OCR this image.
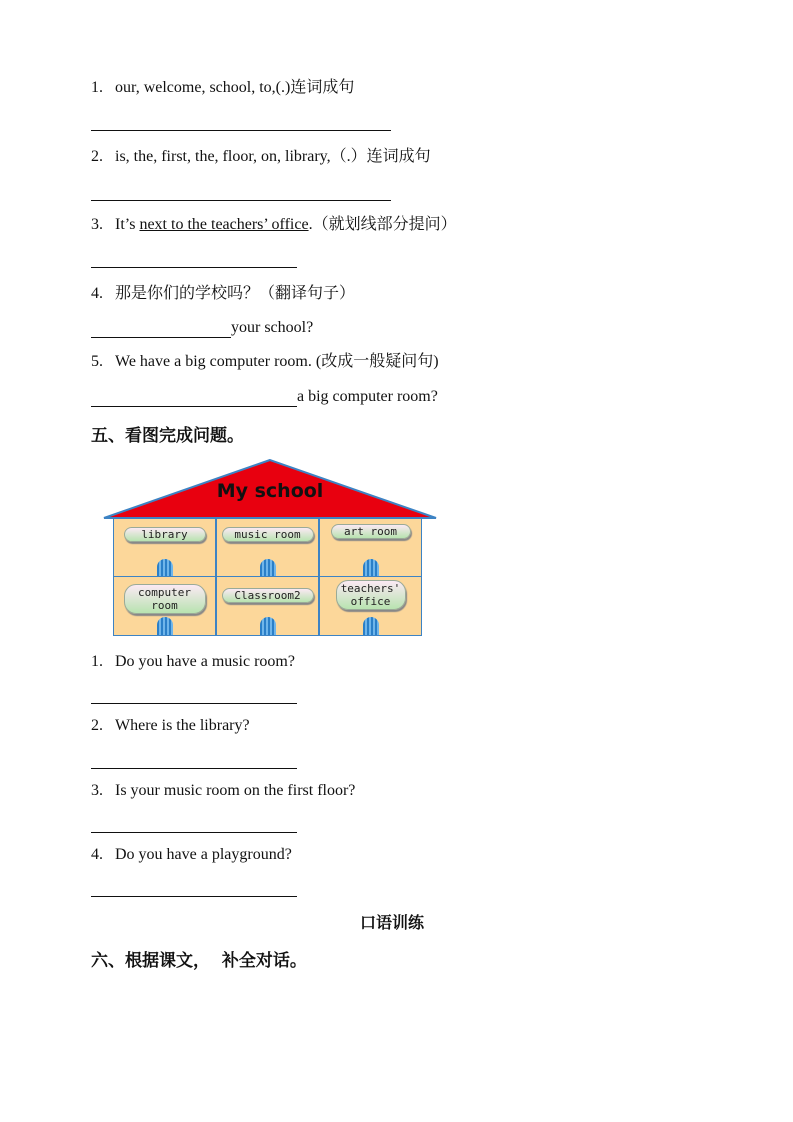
1. our, welcome, school, to,(.)连词成句
2. is, the, first, the, floor, on, library,（.）连词成句
3. It’s next to the teachers’ office.（就划线部分提问）
4. 那是你们的学校吗？（翻译句子）
your school?
5. We have a big computer room. (改成一般疑问句)
a big computer room?
五、看图完成问题。
My school
library	music room	art room
computer room
Classroom2
teachers' office
1. Do you have a music room?
2. Where is the library?
3. Is your music room on the first floor?
4. Do you have a playground?
口语训练
六、根据课文，  补全对话。
